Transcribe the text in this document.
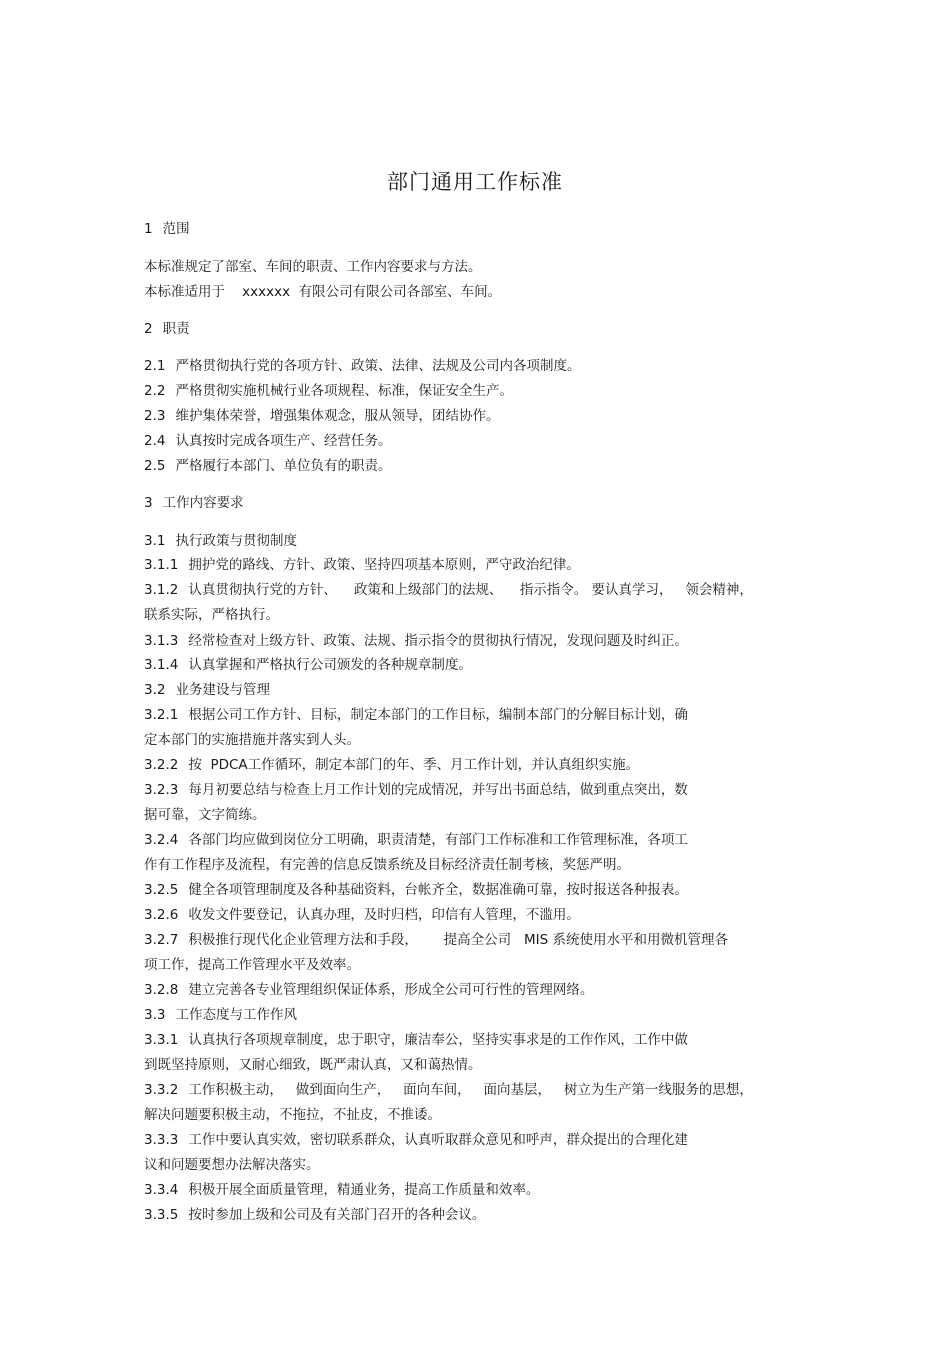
部门通用工作标准
1 范围
本标准规定了部室、车间的职责、工作内容要求与方法。
本标准适用于    xxxxxx  有限公司有限公司各部室、车间。
2 职责
2.1 严格贯彻执行党的各项方针、政策、法律、法规及公司内各项制度。
2.2 严格贯彻实施机械行业各项规程、标准，保证安全生产。
2.3 维护集体荣誉，增强集体观念，服从领导，团结协作。
2.4 认真按时完成各项生产、经营任务。
2.5 严格履行本部门、单位负有的职责。
3 工作内容要求
3.1 执行政策与贯彻制度
3.1.1 拥护党的路线、方针、政策、坚持四项基本原则，严守政治纪律。
3.1.2 认真贯彻执行党的方针、    政策和上级部门的法规、    指示指令。 要认真学习，   领会精神，
联系实际，严格执行。
3.1.3 经常检查对上级方针、政策、法规、指示指令的贯彻执行情况，发现问题及时纠正。
3.1.4 认真掌握和严格执行公司颁发的各种规章制度。
3.2 业务建设与管理
3.2.1 根据公司工作方针、目标，制定本部门的工作目标，编制本部门的分解目标计划，确
定本部门的实施措施并落实到人头。
3.2.2 按  PDCA工作循环，制定本部门的年、季、月工作计划，并认真组织实施。
3.2.3 每月初要总结与检查上月工作计划的完成情况，并写出书面总结，做到重点突出，数
据可靠，文字简练。
3.2.4 各部门均应做到岗位分工明确，职责清楚，有部门工作标准和工作管理标准，各项工
作有工作程序及流程，有完善的信息反馈系统及目标经济责任制考核，奖惩严明。
3.2.5 健全各项管理制度及各种基础资料，台帐齐全，数据准确可靠，按时报送各种报表。
3.2.6 收发文件要登记，认真办理，及时归档，印信有人管理，不滥用。
3.2.7 积极推行现代化企业管理方法和手段，      提高全公司   MIS 系统使用水平和用微机管理各
项工作，提高工作管理水平及效率。
3.2.8 建立完善各专业管理组织保证体系，形成全公司可行性的管理网络。
3.3 工作态度与工作作风
3.3.1 认真执行各项规章制度，忠于职守，廉洁奉公，坚持实事求是的工作作风，工作中做
到既坚持原则，又耐心细致，既严肃认真，又和蔼热情。
3.3.2 工作积极主动，   做到面向生产，   面向车间，   面向基层，   树立为生产第一线服务的思想，
解决问题要积极主动，不拖拉，不扯皮，不推诿。
3.3.3 工作中要认真实效，密切联系群众，认真听取群众意见和呼声，群众提出的合理化建
议和问题要想办法解决落实。
3.3.4 积极开展全面质量管理，精通业务，提高工作质量和效率。
3.3.5 按时参加上级和公司及有关部门召开的各种会议。
